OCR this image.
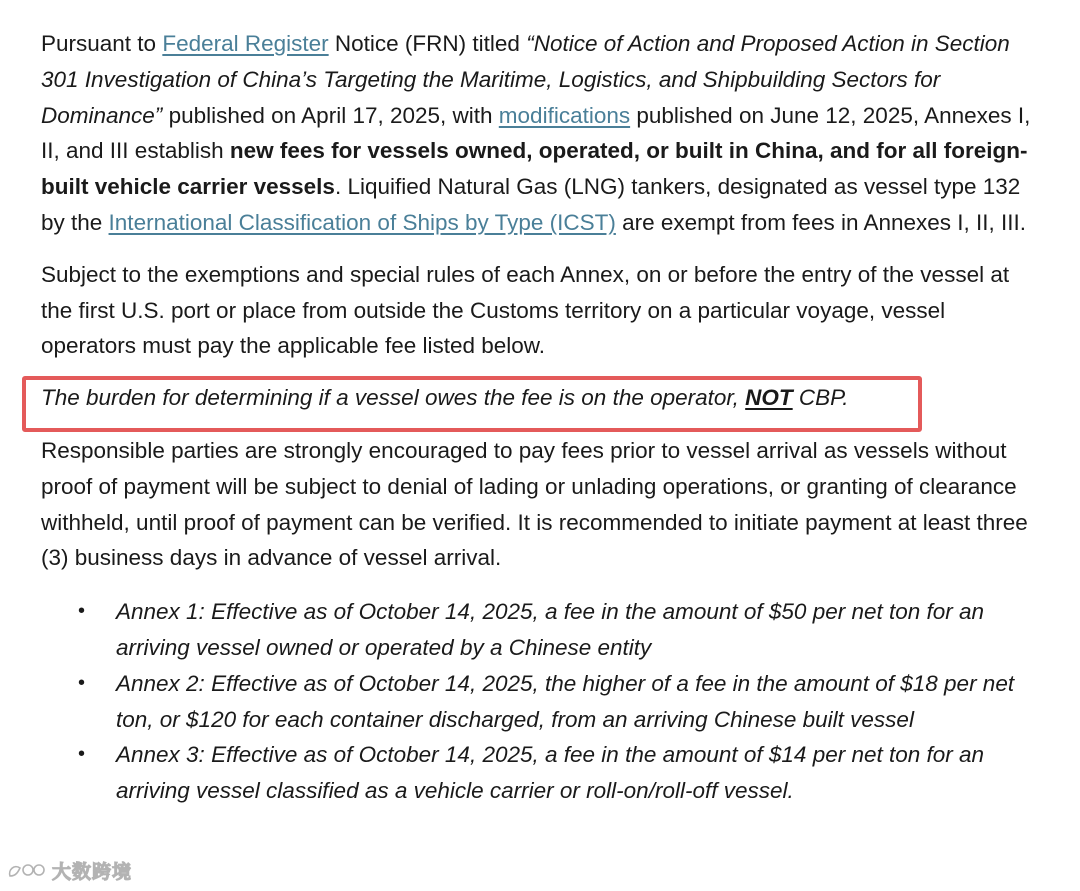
Pursuant to Federal Register Notice (FRN) titled “Notice of Action and Proposed Action in Section 301 Investigation of China’s Targeting the Maritime, Logistics, and Shipbuilding Sectors for Dominance” published on April 17, 2025, with modifications published on June 12, 2025, Annexes I, II, and III establish new fees for vessels owned, operated, or built in China, and for all foreign-built vehicle carrier vessels. Liquified Natural Gas (LNG) tankers, designated as vessel type 132 by the International Classification of Ships by Type (ICST) are exempt from fees in Annexes I, II, III.

Subject to the exemptions and special rules of each Annex, on or before the entry of the vessel at the first U.S. port or place from outside the Customs territory on a particular voyage, vessel operators must pay the applicable fee listed below.

The burden for determining if a vessel owes the fee is on the operator, NOT CBP.

Responsible parties are strongly encouraged to pay fees prior to vessel arrival as vessels without proof of payment will be subject to denial of lading or unlading operations, or granting of clearance withheld, until proof of payment can be verified. It is recommended to initiate payment at least three (3) business days in advance of vessel arrival.

• Annex 1: Effective as of October 14, 2025, a fee in the amount of $50 per net ton for an arriving vessel owned or operated by a Chinese entity
• Annex 2: Effective as of October 14, 2025, the higher of a fee in the amount of $18 per net ton, or $120 for each container discharged, from an arriving Chinese built vessel
• Annex 3: Effective as of October 14, 2025, a fee in the amount of $14 per net ton for an arriving vessel classified as a vehicle carrier or roll-on/roll-off vessel.
大数跨境
